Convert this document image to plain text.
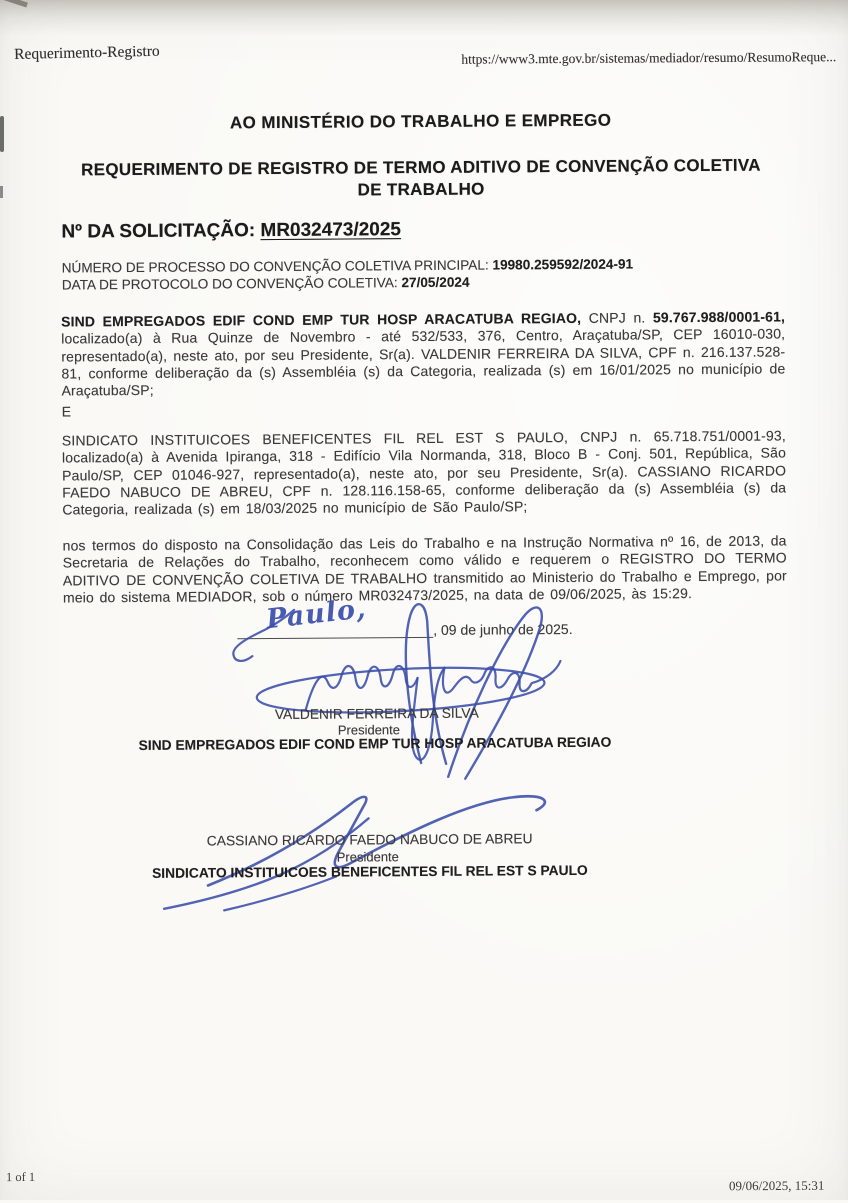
Requerimento-Registro	https://www3.mte.gov.br/sistemas/mediador/resumo/ResumoReque...
AO MINISTÉRIO DO TRABALHO E EMPREGO
REQUERIMENTO DE REGISTRO DE TERMO ADITIVO DE CONVENÇÃO COLETIVA DE TRABALHO
Nº DA SOLICITAÇÃO: MR032473/2025
NÚMERO DE PROCESSO DO CONVENÇÃO COLETIVA PRINCIPAL: 19980.259592/2024-91
DATA DE PROTOCOLO DO CONVENÇÃO COLETIVA: 27/05/2024
SIND EMPREGADOS EDIF COND EMP TUR HOSP ARACATUBA REGIAO, CNPJ n. 59.767.988/0001-61, localizado(a) à Rua Quinze de Novembro - até 532/533, 376, Centro, Araçatuba/SP, CEP 16010-030, representado(a), neste ato, por seu Presidente, Sr(a). VALDENIR FERREIRA DA SILVA, CPF n. 216.137.528-81, conforme deliberação da (s) Assembléia (s) da Categoria, realizada (s) em 16/01/2025 no município de Araçatuba/SP;
E
SINDICATO INSTITUICOES BENEFICENTES FIL REL EST S PAULO, CNPJ n. 65.718.751/0001-93, localizado(a) à Avenida Ipiranga, 318 - Edifício Vila Normanda, 318, Bloco B - Conj. 501, República, São Paulo/SP, CEP 01046-927, representado(a), neste ato, por seu Presidente, Sr(a). CASSIANO RICARDO FAEDO NABUCO DE ABREU, CPF n. 128.116.158-65, conforme deliberação da (s) Assembléia (s) da Categoria, realizada (s) em 18/03/2025 no município de São Paulo/SP;
nos termos do disposto na Consolidação das Leis do Trabalho e na Instrução Normativa nº 16, de 2013, da Secretaria de Relações do Trabalho, reconhecem como válido e requerem o REGISTRO DO TERMO ADITIVO DE CONVENÇÃO COLETIVA DE TRABALHO transmitido ao Ministerio do Trabalho e Emprego, por meio do sistema MEDIADOR, sob o número MR032473/2025, na data de 09/06/2025, às 15:29.
Paulo,	, 09 de junho de 2025.
VALDENIR FERREIRA DA SILVA
Presidente
SIND EMPREGADOS EDIF COND EMP TUR HOSP ARACATUBA REGIAO
CASSIANO RICARDO FAEDO NABUCO DE ABREU
Presidente
SINDICATO INSTITUICOES BENEFICENTES FIL REL EST S PAULO
1 of 1
09/06/2025, 15:31
